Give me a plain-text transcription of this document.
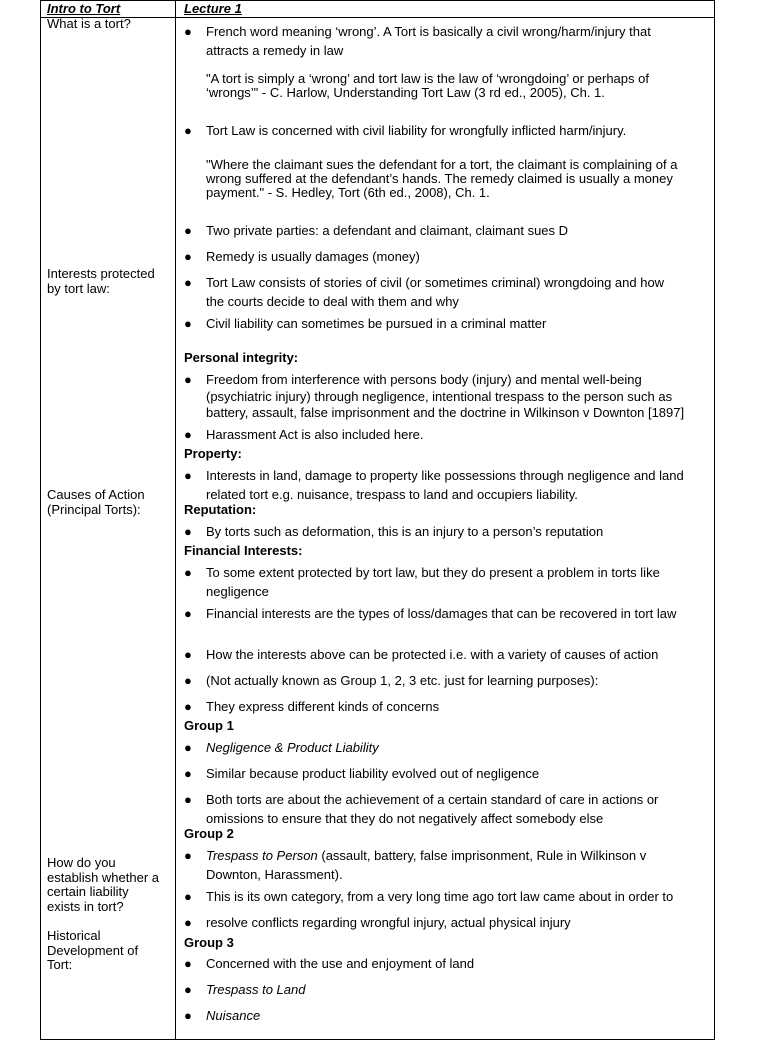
Intro to Tort	Lecture 1
What is a tort?
Interests protected
by tort law:
Causes of Action
(Principal Torts):
How do you
establish whether a
certain liability
exists in tort?
Historical
Development of
Tort:
● French word meaning ‘wrong’. A Tort is basically a civil wrong/harm/injury that
attracts a remedy in law
"A tort is simply a ‘wrong’ and tort law is the law of ‘wrongdoing’ or perhaps of
‘wrongs’" - C. Harlow, Understanding Tort Law (3 rd ed., 2005), Ch. 1.
● Tort Law is concerned with civil liability for wrongfully inflicted harm/injury.
"Where the claimant sues the defendant for a tort, the claimant is complaining of a
wrong suffered at the defendant’s hands. The remedy claimed is usually a money
payment." - S. Hedley, Tort (6th ed., 2008), Ch. 1.
● Two private parties: a defendant and claimant, claimant sues D
● Remedy is usually damages (money)
● Tort Law consists of stories of civil (or sometimes criminal) wrongdoing and how
the courts decide to deal with them and why
● Civil liability can sometimes be pursued in a criminal matter
Personal integrity:
● Freedom from interference with persons body (injury) and mental well-being
(psychiatric injury) through negligence, intentional trespass to the person such as
battery, assault, false imprisonment and the doctrine in Wilkinson v Downton [1897]
● Harassment Act is also included here.
Property:
● Interests in land, damage to property like possessions through negligence and land
related tort e.g. nuisance, trespass to land and occupiers liability.
Reputation:
● By torts such as deformation, this is an injury to a person’s reputation
Financial Interests:
● To some extent protected by tort law, but they do present a problem in torts like
negligence
● Financial interests are the types of loss/damages that can be recovered in tort law
● How the interests above can be protected i.e. with a variety of causes of action
● (Not actually known as Group 1, 2, 3 etc. just for learning purposes):
● They express different kinds of concerns
Group 1
● Negligence & Product Liability
● Similar because product liability evolved out of negligence
● Both torts are about the achievement of a certain standard of care in actions or
omissions to ensure that they do not negatively affect somebody else
Group 2
● Trespass to Person (assault, battery, false imprisonment, Rule in Wilkinson v
Downton, Harassment).
● This is its own category, from a very long time ago tort law came about in order to
● resolve conflicts regarding wrongful injury, actual physical injury
Group 3
● Concerned with the use and enjoyment of land
● Trespass to Land
● Nuisance
